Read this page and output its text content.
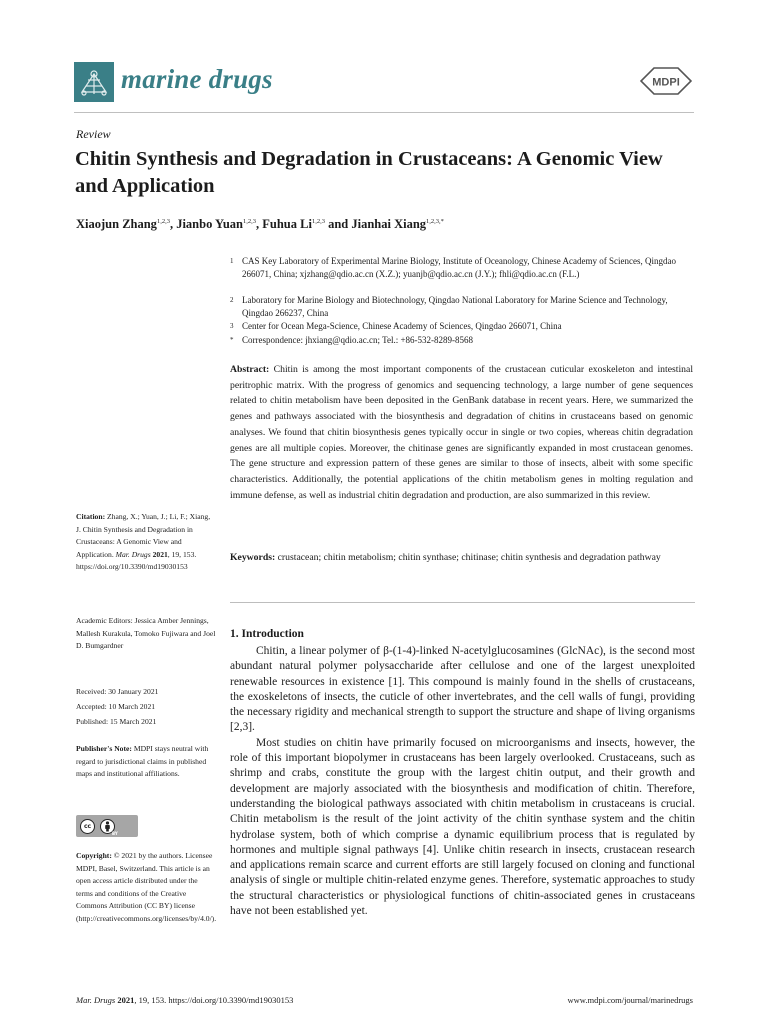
marine drugs	MDPI
Review
Chitin Synthesis and Degradation in Crustaceans: A Genomic View and Application
Xiaojun Zhang$^{1,2,3}$, Jianbo Yuan$^{1,2,3}$, Fuhua Li$^{1,2,3}$ and Jianhai Xiang$^{1,2,3,*}$
1 CAS Key Laboratory of Experimental Marine Biology, Institute of Oceanology, Chinese Academy of Sciences, Qingdao 266071, China; xjzhang@qdio.ac.cn (X.Z.); yuanjb@qdio.ac.cn (J.Y.); fhli@qdio.ac.cn (F.L.)
2 Laboratory for Marine Biology and Biotechnology, Qingdao National Laboratory for Marine Science and Technology, Qingdao 266237, China
3 Center for Ocean Mega-Science, Chinese Academy of Sciences, Qingdao 266071, China
* Correspondence: jhxiang@qdio.ac.cn; Tel.: +86-532-8289-8568
Abstract: Chitin is among the most important components of the crustacean cuticular exoskeleton and intestinal peritrophic matrix. With the progress of genomics and sequencing technology, a large number of gene sequences related to chitin metabolism have been deposited in the GenBank database in recent years. Here, we summarized the genes and pathways associated with the biosynthesis and degradation of chitins in crustaceans based on genomic analyses. We found that chitin biosynthesis genes typically occur in single or two copies, whereas chitin degradation genes are all multiple copies. Moreover, the chitinase genes are significantly expanded in most crustacean genomes. The gene structure and expression pattern of these genes are similar to those of insects, albeit with some specific characteristics. Additionally, the potential applications of the chitin metabolism genes in molting regulation and immune defense, as well as industrial chitin degradation and production, are also summarized in this review.
Keywords: crustacean; chitin metabolism; chitin synthase; chitinase; chitin synthesis and degradation pathway
1. Introduction

Chitin, a linear polymer of β-(1-4)-linked N-acetylglucosamines (GlcNAc), is the second most abundant natural polymer polysaccharide after cellulose and one of the largest unexploited renewable resources in existence [1]. This compound is mainly found in the shells of crustaceans, the exoskeletons of insects, the cuticle of other invertebrates, and the cell walls of fungi, providing the necessary rigidity and mechanical strength to support the structure and shape of living organisms [2,3].

Most studies on chitin have primarily focused on microorganisms and insects, however, the role of this important biopolymer in crustaceans has been largely overlooked. Crustaceans, such as shrimp and crabs, constitute the group with the largest chitin output, and their growth and development are majorly associated with the biosynthesis and modification of chitin. Therefore, understanding the biological pathways associated with chitin metabolism in crustaceans is crucial. Chitin metabolism is the result of the joint activity of the chitin synthase system and the chitin hydrolase system, both of which comprise a dynamic equilibrium process that is regulated by hormones and multiple signal pathways [4]. Unlike chitin research in insects, crustacean research and applications remain scarce and current efforts are still largely focused on cloning and functional analysis of single or multiple chitin-related enzyme genes. Therefore, systematic approaches to study the structural characteristics or physiological functions of chitin-associated genes in crustaceans have not been established yet.

Citation: Zhang, X.; Yuan, J.; Li, F.; Xiang, J. Chitin Synthesis and Degradation in Crustaceans: A Genomic View and Application. Mar. Drugs 2021, 19, 153. https://doi.org/10.3390/md19030153
Academic Editors: Jessica Amber Jennings, Mallesh Kurakula, Tomoko Fujiwara and Joel D. Bumgardner
Received: 30 January 2021
Accepted: 10 March 2021
Published: 15 March 2021
Publisher's Note: MDPI stays neutral with regard to jurisdictional claims in published maps and institutional affiliations.
cc
BY
Copyright: © 2021 by the authors. Licensee MDPI, Basel, Switzerland. This article is an open access article distributed under the terms and conditions of the Creative Commons Attribution (CC BY) license (http://creativecommons.org/licenses/by/4.0/).
Mar. Drugs 2021, 19, 153. https://doi.org/10.3390/md19030153	www.mdpi.com/journal/marinedrugs
